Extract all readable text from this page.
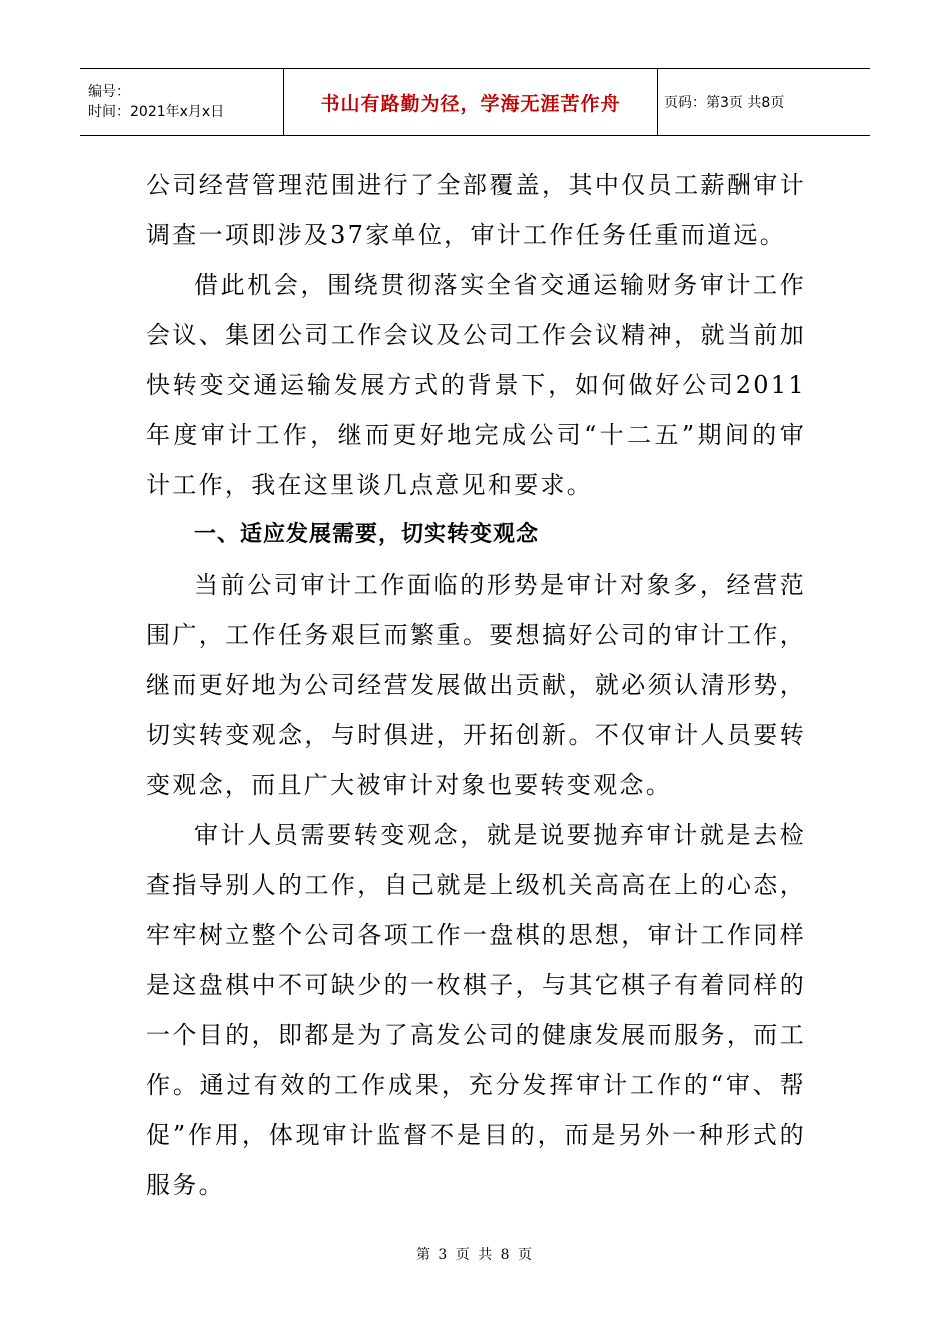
编号：
时间：2021年x月x日	书山有路勤为径，学海无涯苦作舟	页码：第3页 共8页

公司经营管理范围进行了全部覆盖，其中仅员工薪酬审计调查一项即涉及37家单位，审计工作任务任重而道远。

借此机会，围绕贯彻落实全省交通运输财务审计工作会议、集团公司工作会议及公司工作会议精神，就当前加快转变交通运输发展方式的背景下，如何做好公司2011年度审计工作，继而更好地完成公司“十二五”期间的审计工作，我在这里谈几点意见和要求。

一、适应发展需要，切实转变观念

当前公司审计工作面临的形势是审计对象多，经营范围广，工作任务艰巨而繁重。要想搞好公司的审计工作，继而更好地为公司经营发展做出贡献，就必须认清形势，切实转变观念，与时俱进，开拓创新。不仅审计人员要转变观念，而且广大被审计对象也要转变观念。

审计人员需要转变观念，就是说要抛弃审计就是去检查指导别人的工作，自己就是上级机关高高在上的心态，牢牢树立整个公司各项工作一盘棋的思想，审计工作同样是这盘棋中不可缺少的一枚棋子，与其它棋子有着同样的一个目的，即都是为了高发公司的健康发展而服务，而工作。通过有效的工作成果，充分发挥审计工作的“审、帮促”作用，体现审计监督不是目的，而是另外一种形式的服务。

第 3 页 共 8 页
